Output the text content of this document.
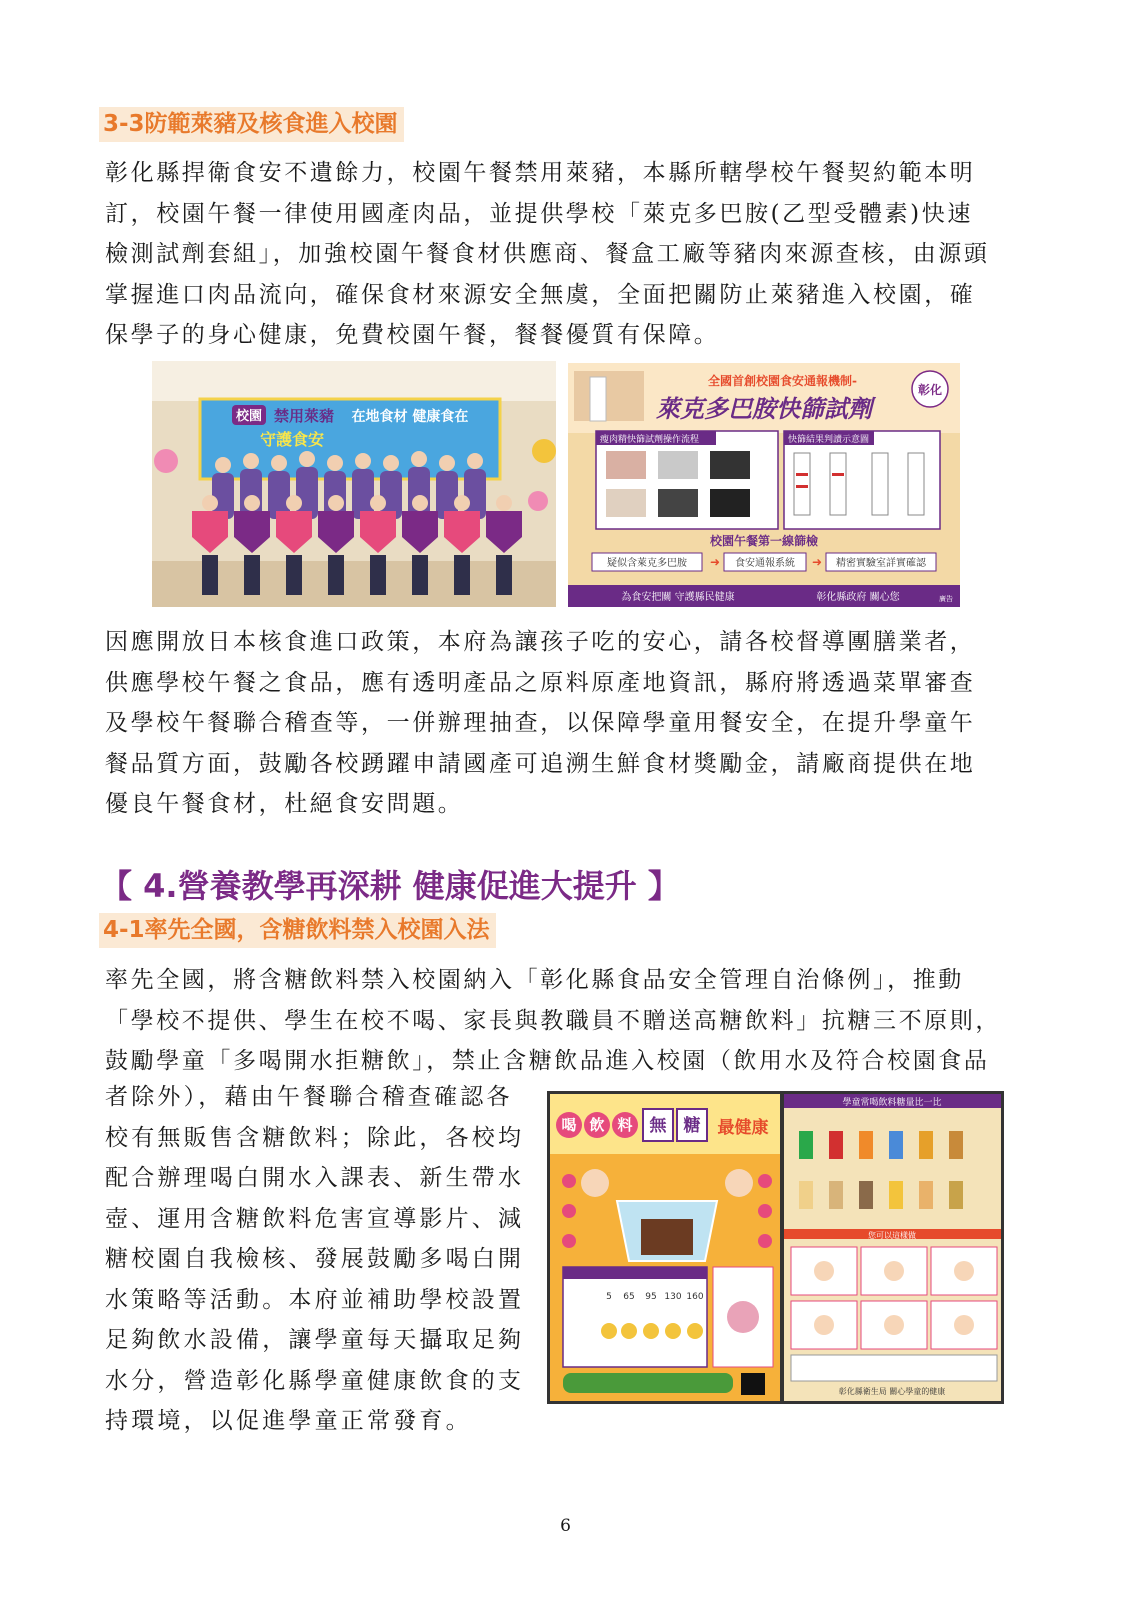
3-3防範萊豬及核食進入校園
彰化縣捍衛食安不遺餘力，校園午餐禁用萊豬，本縣所轄學校午餐契約範本明
訂，校園午餐一律使用國產肉品，並提供學校「萊克多巴胺(乙型受體素)快速
檢測試劑套組」，加強校園午餐食材供應商、餐盒工廠等豬肉來源查核，由源頭
掌握進口肉品流向，確保食材來源安全無虞，全面把關防止萊豬進入校園，確
保學子的身心健康，免費校園午餐，餐餐優質有保障。
校園 禁用萊豬 在地食材 健康食在
守護食安
全國首創校園食安通報機制-
萊克多巴胺快篩試劑
彰化
瘦肉精快篩試劑操作流程	快篩結果判讀示意圖
校園午餐第一線篩檢
疑似含萊克多巴胺 ➜ 食安通報系統 ➜ 精密實驗室詳實確認
為食安把關 守護縣民健康	彰化縣政府 關心您	廣告
因應開放日本核食進口政策，本府為讓孩子吃的安心，請各校督導團膳業者，
供應學校午餐之食品，應有透明產品之原料原產地資訊，縣府將透過菜單審查
及學校午餐聯合稽查等，一併辦理抽查，以保障學童用餐安全，在提升學童午
餐品質方面，鼓勵各校踴躍申請國產可追溯生鮮食材獎勵金，請廠商提供在地
優良午餐食材，杜絕食安問題。
【 4.營養教學再深耕 健康促進大提升 】
4-1率先全國，含糖飲料禁入校園入法
率先全國，將含糖飲料禁入校園納入「彰化縣食品安全管理自治條例」，推動
「學校不提供、學生在校不喝、家長與教職員不贈送高糖飲料」抗糖三不原則，
鼓勵學童「多喝開水拒糖飲」，禁止含糖飲品進入校園（飲用水及符合校園食品
者除外），藉由午餐聯合稽查確認各
校有無販售含糖飲料；除此，各校均
配合辦理喝白開水入課表、新生帶水
壺、運用含糖飲料危害宣導影片、減
糖校園自我檢核、發展鼓勵多喝白開
水策略等活動。本府並補助學校設置
足夠飲水設備，讓學童每天攝取足夠
水分，營造彰化縣學童健康飲食的支
持環境，以促進學童正常發育。
喝 飲 料 無 糖 最健康
5 65 95 130 160
學童常喝飲料糖量比一比
您可以這樣做
彰化縣衛生局 關心學童的健康
6
